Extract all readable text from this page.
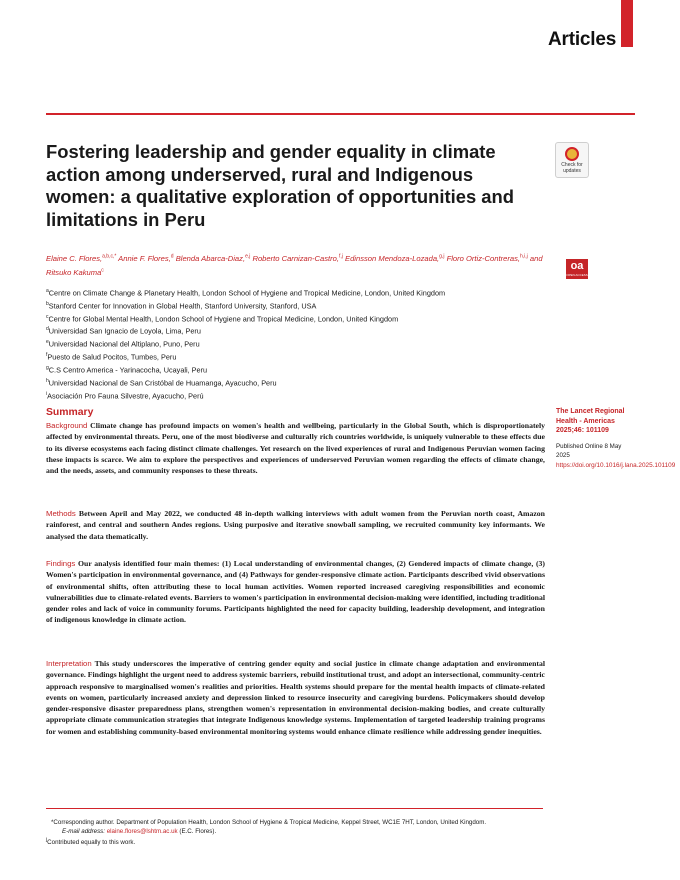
Articles
Fostering leadership and gender equality in climate action among underserved, rural and Indigenous women: a qualitative exploration of opportunities and limitations in Peru
Check for
updates
Elaine C. Flores,$^{a,b,c,*}$ Annie F. Flores,$^d$ Blenda Abarca-Diaz,$^{e,j}$ Roberto Carnizan-Castro,$^{f,j}$ Edinsson Mendoza-Lozada,$^{g,j}$ Floro Ortiz-Contreras,$^{h,i,j}$ and Ritsuko Kakuma$^c$	oa
OPEN ACCESS
$^a$Centre on Climate Change & Planetary Health, London School of Hygiene and Tropical Medicine, London, United Kingdom
$^b$Stanford Center for Innovation in Global Health, Stanford University, Stanford, USA
$^c$Centre for Global Mental Health, London School of Hygiene and Tropical Medicine, London, United Kingdom
$^d$Universidad San Ignacio de Loyola, Lima, Peru
$^e$Universidad Nacional del Altiplano, Puno, Peru
$^f$Puesto de Salud Pocitos, Tumbes, Peru
$^g$C.S Centro America - Yarinacocha, Ucayali, Peru
$^h$Universidad Nacional de San Cristóbal de Huamanga, Ayacucho, Peru
$^i$Asociación Pro Fauna Silvestre, Ayacucho, Perú
Summary
Background Climate change has profound impacts on women's health and wellbeing, particularly in the Global South, which is disproportionately affected by environmental threats. Peru, one of the most biodiverse and culturally rich countries worldwide, is uniquely vulnerable to these effects due to its diverse ecosystems each facing distinct climate challenges. Yet research on the lived experiences of rural and Indigenous Peruvian women facing these impacts is scarce. We aim to explore the perspectives and experiences of underserved Peruvian women regarding the effects of climate change, and the needs, assets, and community responses to these threats.
Methods Between April and May 2022, we conducted 48 in-depth walking interviews with adult women from the Peruvian north coast, Amazon rainforest, and central and southern Andes regions. Using purposive and iterative snowball sampling, we recruited community key informants. We analysed the data thematically.
Findings Our analysis identified four main themes: (1) Local understanding of environmental changes, (2) Gendered impacts of climate change, (3) Women's participation in environmental governance, and (4) Pathways for gender-responsive climate action. Participants described vivid observations of environmental shifts, often attributing these to local human activities. Women reported increased caregiving responsibilities and economic vulnerabilities due to climate-related events. Barriers to women's participation in environmental decision-making were identified, including traditional gender roles and lack of voice in community forums. Participants highlighted the need for capacity building, leadership development, and integration of indigenous knowledge in climate action.
Interpretation This study underscores the imperative of centring gender equity and social justice in climate change adaptation and environmental governance. Findings highlight the urgent need to address systemic barriers, rebuild institutional trust, and adopt an intersectional, community-centric approach responsive to marginalised women's realities and priorities. Health systems should prepare for the mental health impacts of climate-related events on women, particularly increased anxiety and depression linked to resource insecurity and caregiving burdens. Policymakers should develop gender-responsive disaster preparedness plans, strengthen women's representation in environmental decision-making bodies, and create culturally appropriate climate communication strategies that integrate Indigenous knowledge systems. Implementation of targeted leadership training programs for women and establishing community-based environmental monitoring systems would enhance climate resilience while addressing gender inequities.
The Lancet Regional Health - Americas 2025;46: 101109
Published Online 8 May 2025
https://doi.org/10.1016/j.lana.2025.101109
*Corresponding author. Department of Population Health, London School of Hygiene & Tropical Medicine, Keppel Street, WC1E 7HT, London, United Kingdom.
E-mail address: elaine.flores@lshtm.ac.uk (E.C. Flores).
$^j$Contributed equally to this work.
